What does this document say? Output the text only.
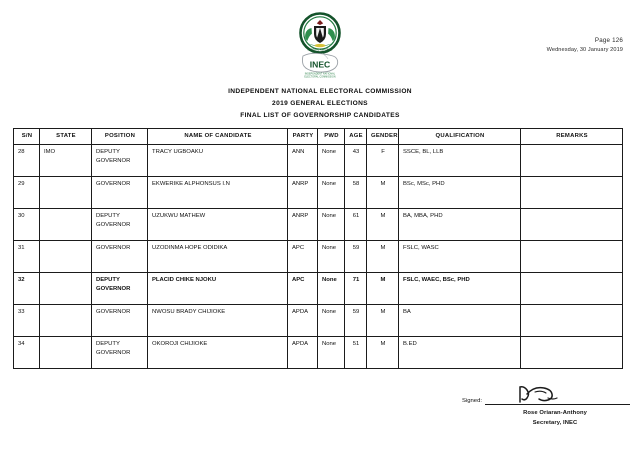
Page 126
Wednesday, 30 January 2019
FEDERAL REPUBLIC
INEC
INDEPENDENT NATIONAL
ELECTORAL COMMISSION
INDEPENDENT NATIONAL ELECTORAL COMMISSION
2019 GENERAL ELECTIONS
FINAL LIST OF GOVERNORSHIP CANDIDATES
S/N	STATE	POSITION	NAME OF CANDIDATE	PARTY	PWD	AGE	GENDER	QUALIFICATION	REMARKS
28	IMO	DEPUTY GOVERNOR	TRACY UGBOAKU	ANN	None	43	F	SSCE, BL, LLB	
29		GOVERNOR	EKWERIKE ALPHONSUS I.N	ANRP	None	58	M	BSc, MSc, PHD	
30		DEPUTY GOVERNOR	UZUKWU MATHEW	ANRP	None	61	M	BA, MBA, PHD	
31		GOVERNOR	UZODINMA HOPE ODIDIKA	APC	None	59	M	FSLC, WASC	
32		DEPUTY GOVERNOR	PLACID CHIKE NJOKU	APC	None	71	M	FSLC, WAEC, BSc, PHD	
33		GOVERNOR	NWOSU BRADY CHIJIOKE	APDA	None	59	M	BA	
34		DEPUTY GOVERNOR	OKOROJI CHIJIOKE	APDA	None	51	M	B.ED	
Signed:
Rose Oriaran-Anthony
Secretary, INEC
